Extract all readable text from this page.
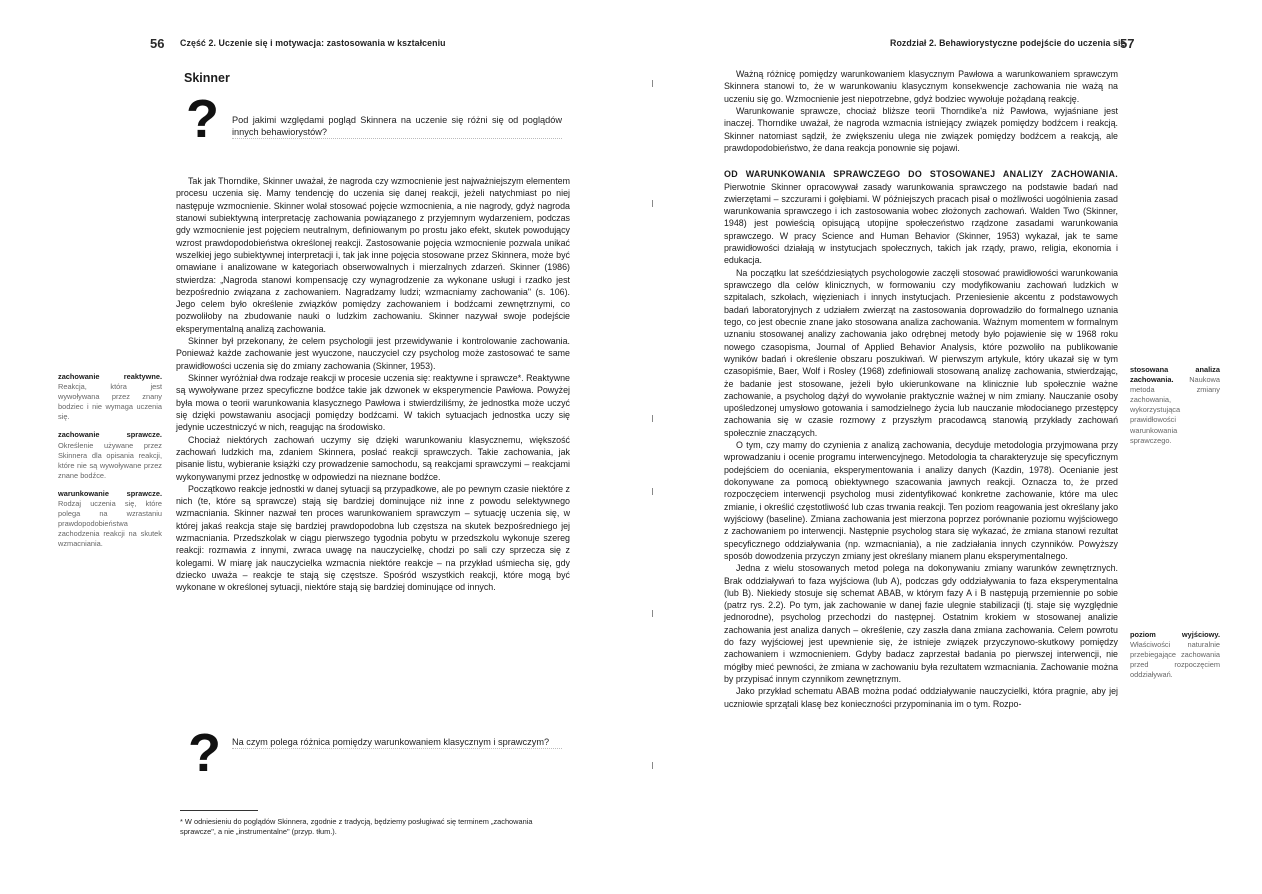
56 Część 2. Uczenie się i motywacja: zastosowania w kształceniu
Skinner
? Pod jakimi względami pogląd Skinnera na uczenie się różni się od poglądów innych behawiorystów?

Tak jak Thorndike, Skinner uważał, że nagroda czy wzmocnienie jest najważniejszym elementem procesu uczenia się. Mamy tendencję do uczenia się danej reakcji, jeżeli natychmiast po niej następuje wzmocnienie. Skinner wolał stosować pojęcie wzmocnienia, a nie nagrody, gdyż nagroda stanowi subiektywną interpretację zachowania powiązanego z przyjemnym wydarzeniem, podczas gdy wzmocnienie jest pojęciem neutralnym, definiowanym po prostu jako efekt, skutek powodujący wzrost prawdopodobieństwa określonej reakcji. Zastosowanie pojęcia wzmocnienie pozwala unikać wszelkiej jego subiektywnej interpretacji i, tak jak inne pojęcia stosowane przez Skinnera, może być omawiane i analizowane w kategoriach obserwowalnych i mierzalnych zdarzeń. Skinner (1986) stwierdza: „Nagroda stanowi kompensację czy wynagrodzenie za wykonane usługi i rzadko jest bezpośrednio związana z zachowaniem. Nagradzamy ludzi; wzmacniamy zachowania" (s. 106). Jego celem było określenie związków pomiędzy zachowaniem i bodźcami zewnętrznymi, co pozwoliłoby na zbudowanie nauki o ludzkim zachowaniu. Skinner nazywał swoje podejście eksperymentalną analizą zachowania.

Skinner był przekonany, że celem psychologii jest przewidywanie i kontrolowanie zachowania. Ponieważ każde zachowanie jest wyuczone, nauczyciel czy psycholog może zastosować te same prawidłowości uczenia się do zmiany zachowania (Skinner, 1953).

Skinner wyróżniał dwa rodzaje reakcji w procesie uczenia się: reaktywne i sprawcze*. Reaktywne są wywoływane przez specyficzne bodźce takie jak dzwonek w eksperymencie Pawłowa. Powyżej była mowa o teorii warunkowania klasycznego Pawłowa i stwierdziliśmy, że jednostka może uczyć się dzięki powstawaniu asocjacji pomiędzy bodźcami. W takich sytuacjach jednostka uczy się jedynie uczestniczyć w nich, reagując na środowisko.

Chociaż niektórych zachowań uczymy się dzięki warunkowaniu klasycznemu, większość zachowań ludzkich ma, zdaniem Skinnera, posłać reakcji sprawczych. Takie zachowania, jak pisanie listu, wybieranie książki czy prowadzenie samochodu, są reakcjami sprawczymi – reakcjami wykonywanymi przez jednostkę w odpowiedzi na nieznane bodźce.

Początkowo reakcje jednostki w danej sytuacji są przypadkowe, ale po pewnym czasie niektóre z nich (te, które są sprawcze) stają się bardziej dominujące niż inne z powodu selektywnego wzmacniania. Skinner nazwał ten proces warunkowaniem sprawczym – sytuację uczenia się, w której jakaś reakcja staje się bardziej prawdopodobna lub częstsza na skutek bezpośredniego jej wzmacniania. Przedszkolak w ciągu pierwszego tygodnia pobytu w przedszkolu wykonuje szereg reakcji: rozmawia z innymi, zwraca uwagę na nauczycielkę, chodzi po sali czy sprzecza się z kolegami. W miarę jak nauczycielka wzmacnia niektóre reakcje – na przykład uśmiecha się, gdy dziecko uważa – reakcje te stają się częstsze. Spośród wszystkich reakcji, które mogą być wykonane w określonej sytuacji, niektóre stają się bardziej dominujące od innych.

? Na czym polega różnica pomiędzy warunkowaniem klasycznym i sprawczym?

zachowanie reaktywne. Reakcja, która jest wywoływana przez znany bodziec i nie wymaga uczenia się.

zachowanie sprawcze. Określenie używane przez Skinnera dla opisania reakcji, które nie są wywoływane przez znane bodźce.

warunkowanie sprawcze. Rodzaj uczenia się, które polega na wzrastaniu prawdopodobieństwa zachodzenia reakcji na skutek wzmacniania.

* W odniesieniu do poglądów Skinnera, zgodnie z tradycją, będziemy posługiwać się terminem „zachowania sprawcze", a nie „instrumentalne" (przyp. tłum.).
Rozdział 2. Behawiorystyczne podejście do uczenia się
57

Ważną różnicę pomiędzy warunkowaniem klasycznym Pawłowa a warunkowaniem sprawczym Skinnera stanowi to, że w warunkowaniu klasycznym konsekwencje zachowania nie ważą na uczeniu się go. Wzmocnienie jest niepotrzebne, gdyż bodziec wywołuje pożądaną reakcję.

Warunkowanie sprawcze, chociaż bliższe teorii Thorndike'a niż Pawłowa, wyjaśniane jest inaczej. Thorndike uważał, że nagroda wzmacnia istniejący związek pomiędzy bodźcem i reakcją. Skinner natomiast sądził, że zwiększeniu ulega nie związek pomiędzy bodźcem a reakcją, ale prawdopodobieństwo, że dana reakcja ponownie się pojawi.

OD WARUNKOWANIA SPRAWCZEGO DO STOSOWANEJ ANALIZY ZACHOWANIA. Pierwotnie Skinner opracowywał zasady warunkowania sprawczego na podstawie badań nad zwierzętami – szczurami i gołębiami. W późniejszych pracach pisał o możliwości uogólnienia zasad warunkowania sprawczego i ich zastosowania wobec złożonych zachowań. Walden Two (Skinner, 1948) jest powieścią opisującą utopijne społeczeństwo rządzone zasadami warunkowania sprawczego. W pracy Science and Human Behavior (Skinner, 1953) wykazał, jak te same prawidłowości działają w instytucjach społecznych, takich jak rządy, prawo, religia, ekonomia i edukacja.

Na początku lat sześćdziesiątych psychologowie zaczęli stosować prawidłowości warunkowania sprawczego dla celów klinicznych, w formowaniu czy modyfikowaniu zachowań ludzkich w szpitalach, szkołach, więzieniach i innych instytucjach. Przeniesienie akcentu z podstawowych badań laboratoryjnych z udziałem zwierząt na zastosowania doprowadziło do formalnego uznania tego, co jest obecnie znane jako stosowana analiza zachowania. Ważnym momentem w formalnym uznaniu stosowanej analizy zachowania jako odrębnej metody było pojawienie się w 1968 roku nowego czasopisma, Journal of Applied Behavior Analysis, które pozwoliło na publikowanie wyników badań i określenie obszaru poszukiwań. W pierwszym artykule, który ukazał się w tym czasopiśmie, Baer, Wolf i Rosley (1968) zdefiniowali stosowaną analizę zachowania, stwierdzając, że badanie jest stosowane, jeżeli było ukierunkowane na klinicznie lub społecznie ważne zachowanie, a psycholog dążył do wywołanie praktycznie ważnej w nim zmiany. Nauczanie osoby upośledzonej umysłowo gotowania i samodzielnego życia lub nauczanie młodocianego przestępcy zachowania się w czasie rozmowy z przyszłym pracodawcą stanowią przykłady zachowań społecznie znaczących.

O tym, czy mamy do czynienia z analizą zachowania, decyduje metodologia przyjmowana przy wprowadzaniu i ocenie programu interwencyjnego. Metodologia ta charakteryzuje się specyficznym podejściem do oceniania, eksperymentowania i analizy danych (Kazdin, 1978). Ocenianie jest dokonywane za pomocą obiektywnego szacowania jawnych reakcji. Oznacza to, że przed rozpoczęciem interwencji psycholog musi zidentyfikować konkretne zachowanie, które ma ulec zmianie, i określić częstotliwość lub czas trwania reakcji. Ten poziom reagowania jest określany jako wyjściowy (baseline). Zmiana zachowania jest mierzona poprzez porównanie poziomu wyjściowego z zachowaniem po interwencji. Następnie psycholog stara się wykazać, że zmiana stanowi rezultat specyficznego oddziaływania (np. wzmacniania), a nie zadziałania innych czynników. Powyższy sposób dowodzenia przyczyn zmiany jest określany mianem planu eksperymentalnego.

Jedna z wielu stosowanych metod polega na dokonywaniu zmiany warunków zewnętrznych. Brak oddziaływań to faza wyjściowa (lub A), podczas gdy oddziaływania to faza eksperymentalna (lub B). Niekiedy stosuje się schemat ABAB, w którym fazy A i B następują przemiennie po sobie (patrz rys. 2.2). Po tym, jak zachowanie w danej fazie ulegnie stabilizacji (tj. staje się wyzględnie jednorodne), psycholog przechodzi do następnej. Ostatnim krokiem w stosowanej analizie zachowania jest analiza danych – określenie, czy zaszła dana zmiana zachowania. Celem powrotu do fazy wyjściowej jest upewnienie się, że istnieje związek przyczynowo-skutkowy pomiędzy zachowaniem i wzmocnieniem. Gdyby badacz zaprzestał badania po pierwszej interwencji, nie mógłby mieć pewności, że zmiana w zachowaniu była rezultatem wzmacniania. Zachowanie można by przypisać innym czynnikom zewnętrznym.

Jako przykład schematu ABAB można podać oddziaływanie nauczycielki, która pragnie, aby jej uczniowie sprzątali klasę bez konieczności przypominania im o tym. Rozpo-

stosowana analiza zachowania. Naukowa metoda zmiany zachowania, wykorzystująca prawidłowości warunkowania sprawczego.

poziom wyjściowy. Właściwości naturalnie przebiegające zachowania przed rozpoczęciem oddziaływań.
